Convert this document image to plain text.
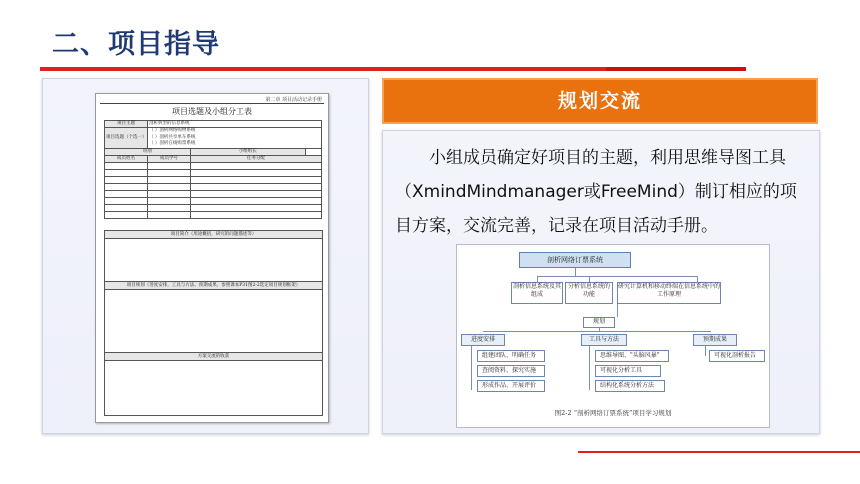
二、项目指导
第二章 项目活动记录手册
项目选题及小组分工表
项目主题	剖析典型的信息系统		
项目选题（个选一）	（ ）剖析网络购物系统
（ ）剖析共享单车系统
（ ）剖析在线购票系统		

班别		小组组长	
成员姓名	成员学号	任务分配	

项目简介（用途概括，研究的问题描述等）
项目规划（进度安排，工具与方法、预期成果，参照课本P31图2-2选定项目规划框架）
方案交流的收获
规划交流
小组成员确定好项目的主题，利用思维导图工具（XmindMindmanager或FreeMind）制订相应的项目方案，交流完善，记录在项目活动手册。
剖析网络订票系统
剖析信息系统及其组成
分析信息系统的功能
研究计算机和移动终端在信息系统中的工作原理
规划
进度安排	工具与方法	预期成果
组建团队、明确任务
查阅资料、探究实施
形成作品、开展评价
思维导图、"头脑风暴"
可视化分析工具
结构化系统分析方法
可视化剖析报告
图2-2 “剖析网络订票系统”项目学习规划
